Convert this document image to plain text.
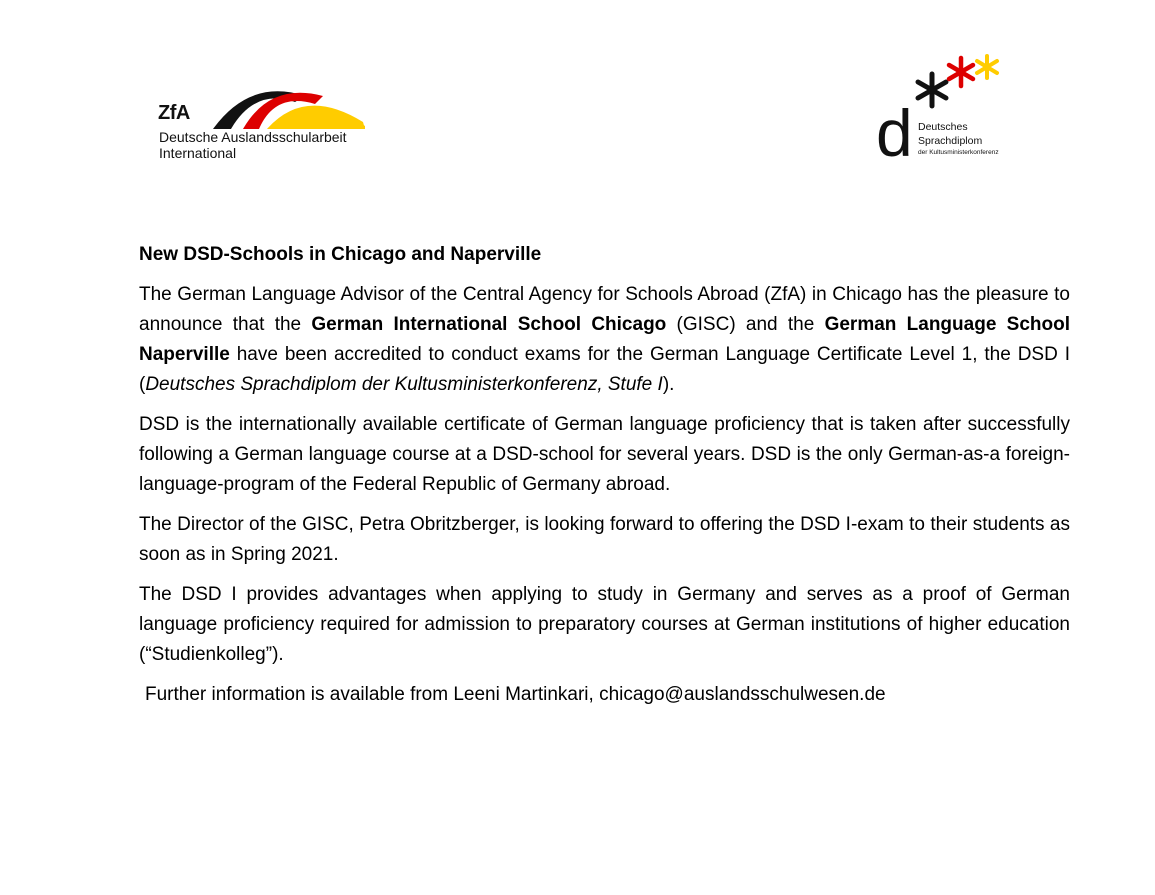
ZfA
Deutsche Auslandsschularbeit
International	d Deutsches
Sprachdiplom
der Kultusministerkonferenz

New DSD-Schools in Chicago and Naperville

The German Language Advisor of the Central Agency for Schools Abroad (ZfA) in Chicago has the pleasure to announce that the German International School Chicago (GISC) and the German Language School Naperville have been accredited to conduct exams for the German Language Certificate Level 1, the DSD I (Deutsches Sprachdiplom der Kultusministerkonferenz, Stufe I).

DSD is the internationally available certificate of German language proficiency that is taken after successfully following a German language course at a DSD-school for several years. DSD is the only German-as-a foreign-language-program of the Federal Republic of Germany abroad.

The Director of the GISC, Petra Obritzberger, is looking forward to offering the DSD I-exam to their students as soon as in Spring 2021.

The DSD I provides advantages when applying to study in Germany and serves as a proof of German language proficiency required for admission to preparatory courses at German institutions of higher education (“Studienkolleg”).

Further information is available from Leeni Martinkari, chicago@auslandsschulwesen.de
